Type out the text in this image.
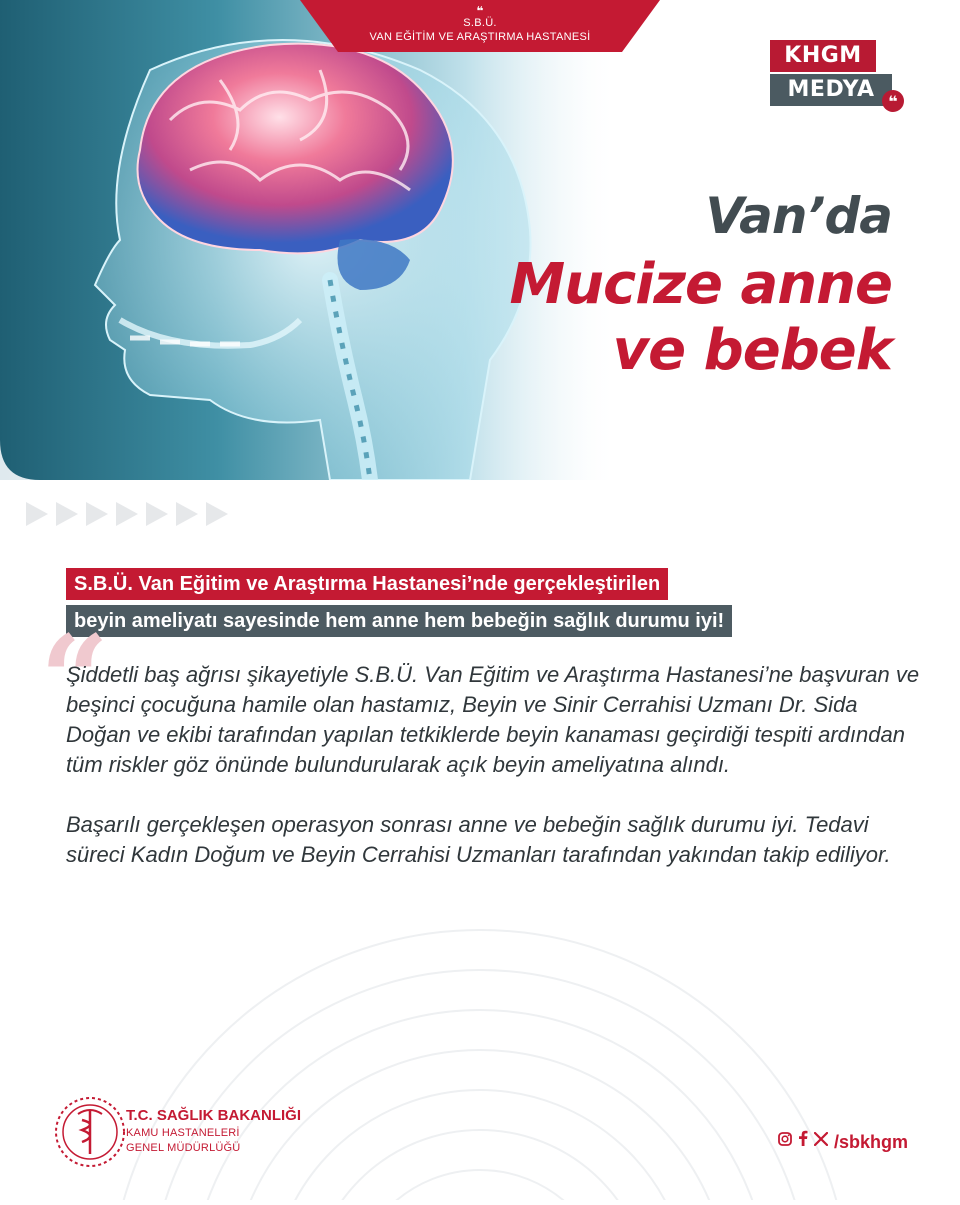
❝
S.B.Ü.
VAN EĞİTİM VE ARAŞTIRMA HASTANESİ
KHGM
MEDYA
❝
Van’da
Mucize anne
ve bebek
S.B.Ü. Van Eğitim ve Araştırma Hastanesi’nde gerçekleştirilen
beyin ameliyatı sayesinde hem anne hem bebeğin sağlık durumu iyi!
“

Şiddetli baş ağrısı şikayetiyle S.B.Ü. Van Eğitim ve Araştırma Hastanesi’ne başvuran ve beşinci çocuğuna hamile olan hastamız, Beyin ve Sinir Cerrahisi Uzmanı Dr. Sida Doğan ve ekibi tarafından yapılan tetkiklerde beyin kanaması geçirdiği tespiti ardından tüm riskler göz önünde bulundurularak açık beyin ameliyatına alındı.

Başarılı gerçekleşen operasyon sonrası anne ve bebeğin sağlık durumu iyi. Tedavi süreci Kadın Doğum ve Beyin Cerrahisi Uzmanları tarafından yakından takip ediliyor.

T.C. SAĞLIK BAKANLIĞI
KAMU HASTANELERİ
GENEL MÜDÜRLÜĞÜ	/sbkhgm
